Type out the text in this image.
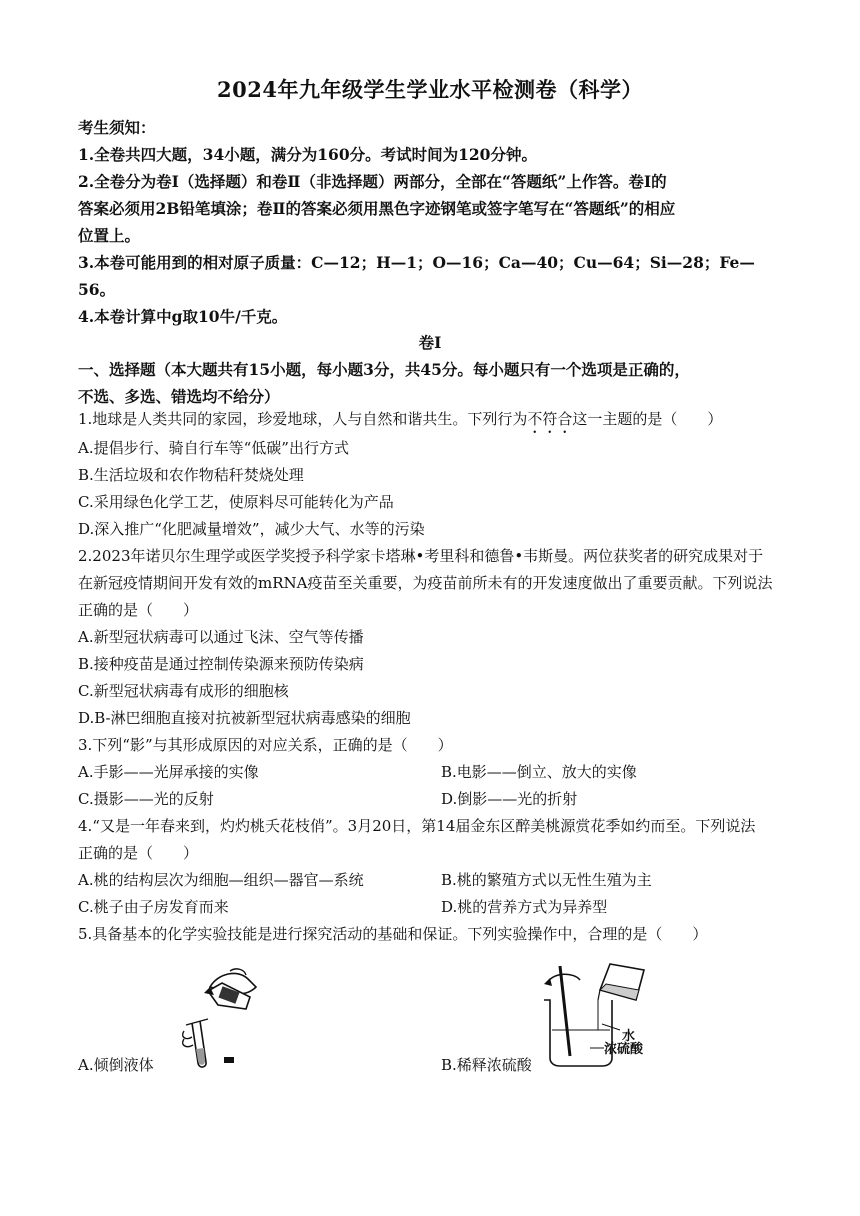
2024年九年级学生学业水平检测卷（科学）
考生须知：
1.全卷共四大题，34小题，满分为160分。考试时间为120分钟。
2.全卷分为卷Ⅰ（选择题）和卷Ⅱ（非选择题）两部分，全部在“答题纸”上作答。卷Ⅰ的
答案必须用2B铅笔填涂；卷Ⅱ的答案必须用黑色字迹钢笔或签字笔写在“答题纸”的相应
位置上。
3.本卷可能用到的相对原子质量：C—12；H—1；O—16；Ca—40；Cu—64；Si—28；Fe—
56。
4.本卷计算中g取10牛/千克。
卷Ⅰ
一、选择题（本大题共有15小题，每小题3分，共45分。每小题只有一个选项是正确的，
不选、多选、错选均不给分）
1.地球是人类共同的家园，珍爱地球，人与自然和谐共生。下列行为不符合这一主题的是（　　）
A.提倡步行、骑自行车等“低碳”出行方式
B.生活垃圾和农作物秸秆焚烧处理
C.采用绿色化学工艺，使原料尽可能转化为产品
D.深入推广“化肥减量增效”，减少大气、水等的污染
2.2023年诺贝尔生理学或医学奖授予科学家卡塔琳•考里科和德鲁•韦斯曼。两位获奖者的研究成果对于
在新冠疫情期间开发有效的mRNA疫苗至关重要，为疫苗前所未有的开发速度做出了重要贡献。下列说法
正确的是（　　）
A.新型冠状病毒可以通过飞沫、空气等传播
B.接种疫苗是通过控制传染源来预防传染病
C.新型冠状病毒有成形的细胞核
D.B-淋巴细胞直接对抗被新型冠状病毒感染的细胞
3.下列“影”与其形成原因的对应关系，正确的是（　　）
A.手影——光屏承接的实像	B.电影——倒立、放大的实像
C.摄影——光的反射	D.倒影——光的折射
4.“又是一年春来到，灼灼桃夭花枝俏”。3月20日，第14届金东区醉美桃源赏花季如约而至。下列说法
正确的是（　　）
A.桃的结构层次为细胞—组织—器官—系统	B.桃的繁殖方式以无性生殖为主
C.桃子由子房发育而来	D.桃的营养方式为异养型
5.具备基本的化学实验技能是进行探究活动的基础和保证。下列实验操作中，合理的是（　　）
A.倾倒液体
水
浓硫酸
B.稀释浓硫酸
